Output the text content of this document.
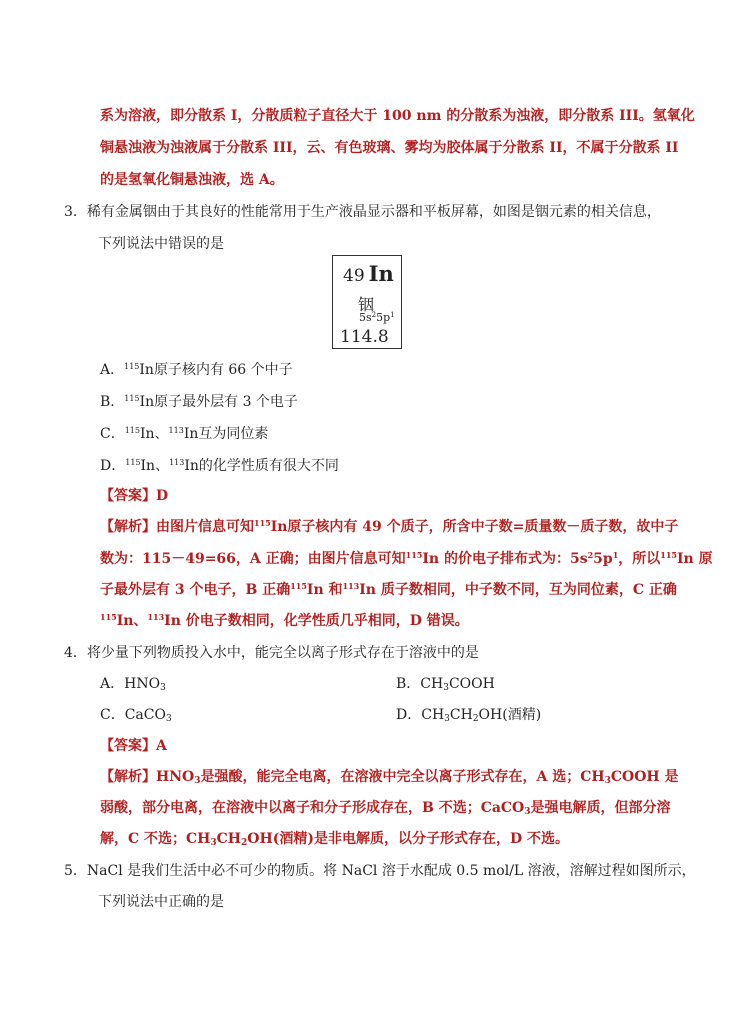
系为溶液，即分散系 I，分散质粒子直径大于 100 nm 的分散系为浊液，即分散系 III。氢氧化
铜悬浊液为浊液属于分散系 III，云、有色玻璃、雾均为胶体属于分散系 II，不属于分散系 II
的是氢氧化铜悬浊液，选 A。
3．稀有金属铟由于其良好的性能常用于生产液晶显示器和平板屏幕，如图是铟元素的相关信息，
下列说法中错误的是
49 In
铟
$5s^25p^1$
114.8
A．$^{115}$In原子核内有 66 个中子
B．$^{115}$In原子最外层有 3 个电子
C．$^{115}$In、$^{113}$In互为同位素
D．$^{115}$In、$^{113}$In的化学性质有很大不同
【答案】D
【解析】由图片信息可知$^{115}$In原子核内有 49 个质子，所含中子数=质量数－质子数，故中子
数为：115－49=66，A 正确；由图片信息可知$^{115}$In 的价电子排布式为：$5s^25p^1$，所以$^{115}$In 原
子最外层有 3 个电子，B 正确$^{115}$In 和$^{113}$In 质子数相同，中子数不同，互为同位素，C 正确
$^{115}$In、$^{113}$In 价电子数相同，化学性质几乎相同，D 错误。
4．将少量下列物质投入水中，能完全以离子形式存在于溶液中的是
A．$HNO_3$	B．$CH_3COOH$
C．CaCO$_3$	D．$CH_3CH_2OH$(酒精)
【答案】A
【解析】$HNO_3$是强酸，能完全电离，在溶液中完全以离子形式存在，A 选；$CH_3COOH$ 是
弱酸，部分电离，在溶液中以离子和分子形成存在，B 不选；CaCO$_3$是强电解质，但部分溶
解，C 不选；$CH_3CH_2OH$(酒精)是非电解质，以分子形式存在，D 不选。
5．NaCl 是我们生活中必不可少的物质。将 NaCl 溶于水配成 0.5 mol/L 溶液，溶解过程如图所示，
下列说法中正确的是
